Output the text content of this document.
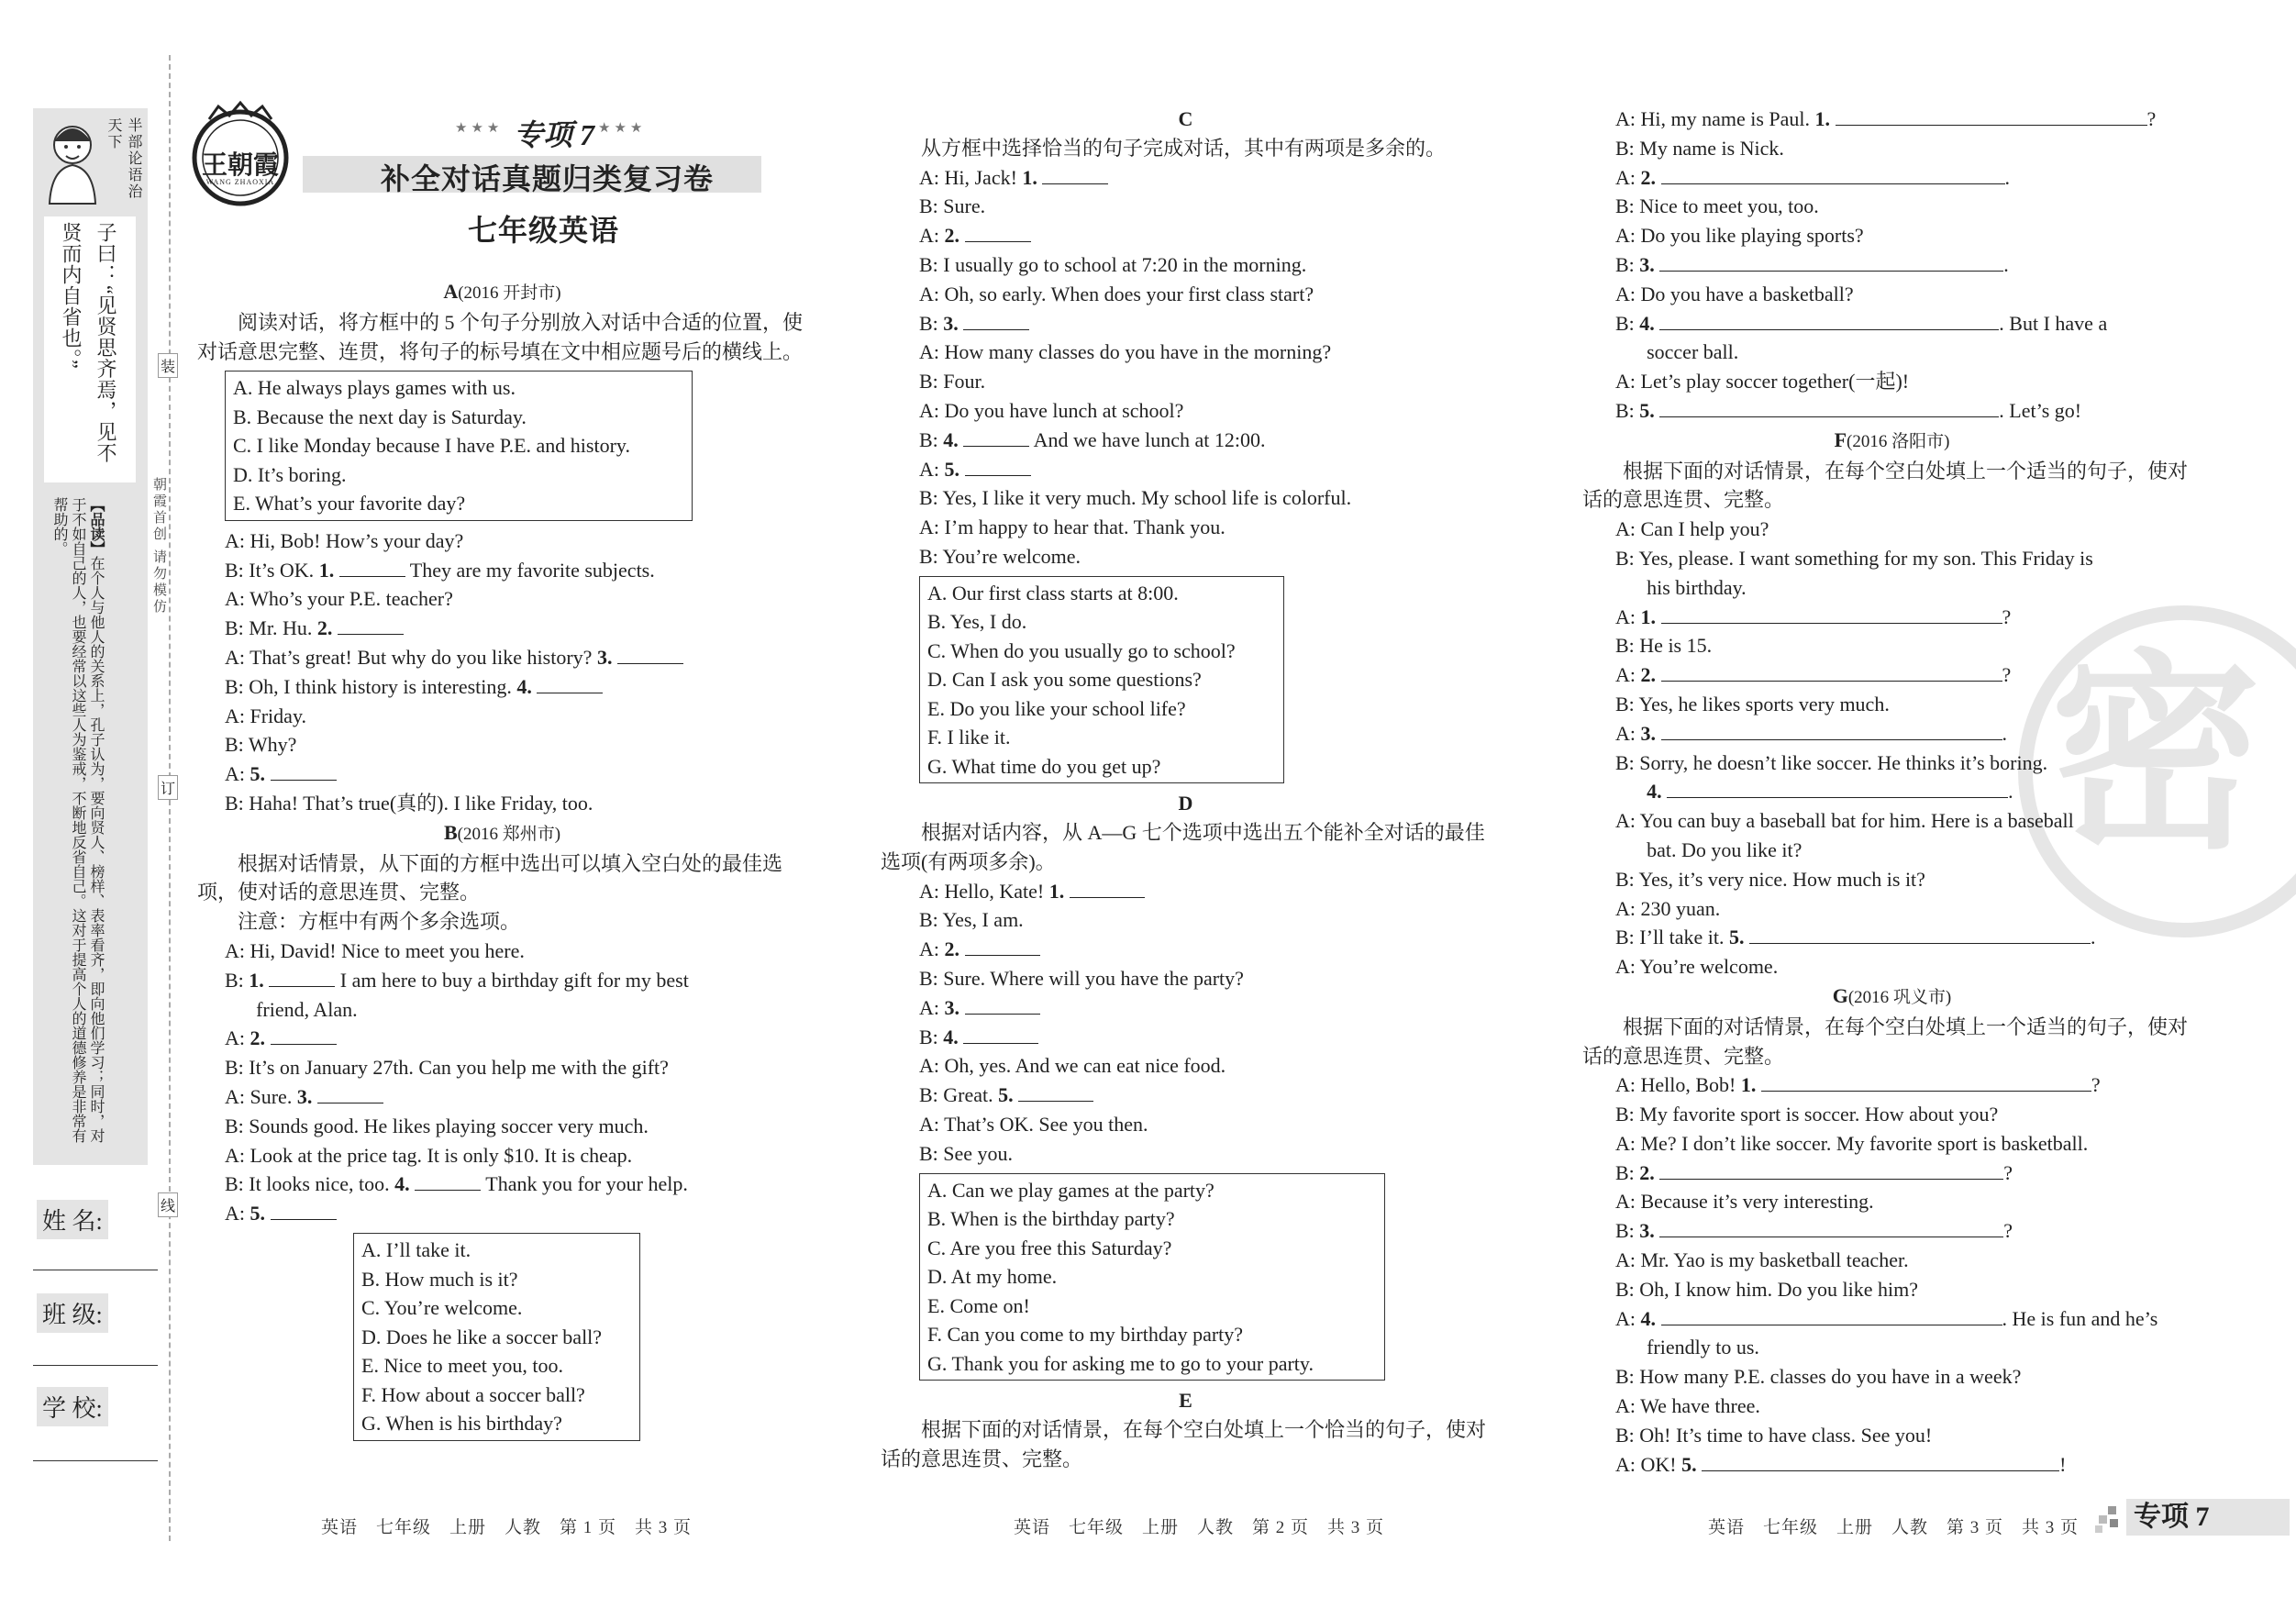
装
订
线
朝霞首创 请勿模仿
半部论语治天下
子曰：“见贤思齐焉，见不贤而内自省也。”
【品读】在个人与他人的关系上，孔子认为，要向贤人、榜样、表率看齐，即向他们学习；同时，对于不如自己的人，也要经常以这些人为鉴戒，不断地反省自己。这对于提高个人的道德修养是非常有帮助的。
姓 名:
班 级:
学 校:
王朝霞
WANG ZHAOXIA
★★★ 专项 7 ★★★
补全对话真题归类复习卷
七年级英语
密

A(2016 开封市)

阅读对话，将方框中的 5 个句子分别放入对话中合适的位置，使对话意思完整、连贯，将句子的标号填在文中相应题号后的横线上。

A. He always plays games with us.

B. Because the next day is Saturday.

C. I like Monday because I have P.E. and history.

D. It’s boring.

E. What’s your favorite day?

A: Hi, Bob! How’s your day?

B: It’s OK. 1.	They are my favorite subjects.

A: Who’s your P.E. teacher?

B: Mr. Hu. 2.

A: That’s great! But why do you like history? 3.

B: Oh, I think history is interesting. 4.

A: Friday.

B: Why?

A: 5.

B: Haha! That’s true(真的). I like Friday, too.

B(2016 郑州市)

根据对话情景，从下面的方框中选出可以填入空白处的最佳选项，使对话的意思连贯、完整。

注意：方框中有两个多余选项。

A: Hi, David! Nice to meet you here.

B: 1.	I am here to buy a birthday gift for my best

friend, Alan.

A: 2.

B: It’s on January 27th. Can you help me with the gift?

A: Sure. 3.

B: Sounds good. He likes playing soccer very much.

A: Look at the price tag. It is only $10. It is cheap.

B: It looks nice, too. 4.	Thank you for your help.

A: 5.

A. I’ll take it.

B. How much is it?

C. You’re welcome.

D. Does he like a soccer ball?

E. Nice to meet you, too.

F. How about a soccer ball?

G. When is his birthday?

C

从方框中选择恰当的句子完成对话，其中有两项是多余的。

A: Hi, Jack! 1.

B: Sure.

A: 2.

B: I usually go to school at 7:20 in the morning.

A: Oh, so early. When does your first class start?

B: 3.

A: How many classes do you have in the morning?

B: Four.

A: Do you have lunch at school?

B: 4.	And we have lunch at 12:00.

A: 5.

B: Yes, I like it very much. My school life is colorful.

A: I’m happy to hear that. Thank you.

B: You’re welcome.

A. Our first class starts at 8:00.

B. Yes, I do.

C. When do you usually go to school?

D. Can I ask you some questions?

E. Do you like your school life?

F. I like it.

G. What time do you get up?

D

根据对话内容，从 A—G 七个选项中选出五个能补全对话的最佳选项(有两项多余)。

A: Hello, Kate! 1.

B: Yes, I am.

A: 2.

B: Sure. Where will you have the party?

A: 3.

B: 4.

A: Oh, yes. And we can eat nice food.

B: Great. 5.

A: That’s OK. See you then.

B: See you.

A. Can we play games at the party?

B. When is the birthday party?

C. Are you free this Saturday?

D. At my home.

E. Come on!

F. Can you come to my birthday party?

G. Thank you for asking me to go to your party.

E

根据下面的对话情景，在每个空白处填上一个恰当的句子，使对话的意思连贯、完整。

A: Hi, my name is Paul. 1.	?

B: My name is Nick.

A: 2.	.

B: Nice to meet you, too.

A: Do you like playing sports?

B: 3.	.

A: Do you have a basketball?

B: 4.	. But I have a

soccer ball.

A: Let’s play soccer together(一起)!

B: 5.	. Let’s go!

F(2016 洛阳市)

根据下面的对话情景，在每个空白处填上一个适当的句子，使对话的意思连贯、完整。

A: Can I help you?

B: Yes, please. I want something for my son. This Friday is

his birthday.

A: 1.	?

B: He is 15.

A: 2.	?

B: Yes, he likes sports very much.

A: 3.	.

B: Sorry, he doesn’t like soccer. He thinks it’s boring.

4.	.

A: You can buy a baseball bat for him. Here is a baseball

bat. Do you like it?

B: Yes, it’s very nice. How much is it?

A: 230 yuan.

B: I’ll take it. 5.	.

A: You’re welcome.

G(2016 巩义市)

根据下面的对话情景，在每个空白处填上一个适当的句子，使对话的意思连贯、完整。

A: Hello, Bob! 1.	?

B: My favorite sport is soccer. How about you?

A: Me? I don’t like soccer. My favorite sport is basketball.

B: 2.	?

A: Because it’s very interesting.

B: 3.	?

A: Mr. Yao is my basketball teacher.

B: Oh, I know him. Do you like him?

A: 4.	. He is fun and he’s

friendly to us.

B: How many P.E. classes do you have in a week?

A: We have three.

B: Oh! It’s time to have class. See you!

A: OK! 5.	!

英语　七年级　上册　人教　第 1 页　共 3 页	英语　七年级　上册　人教　第 2 页　共 3 页	英语　七年级　上册　人教　第 3 页　共 3 页 专项 7
